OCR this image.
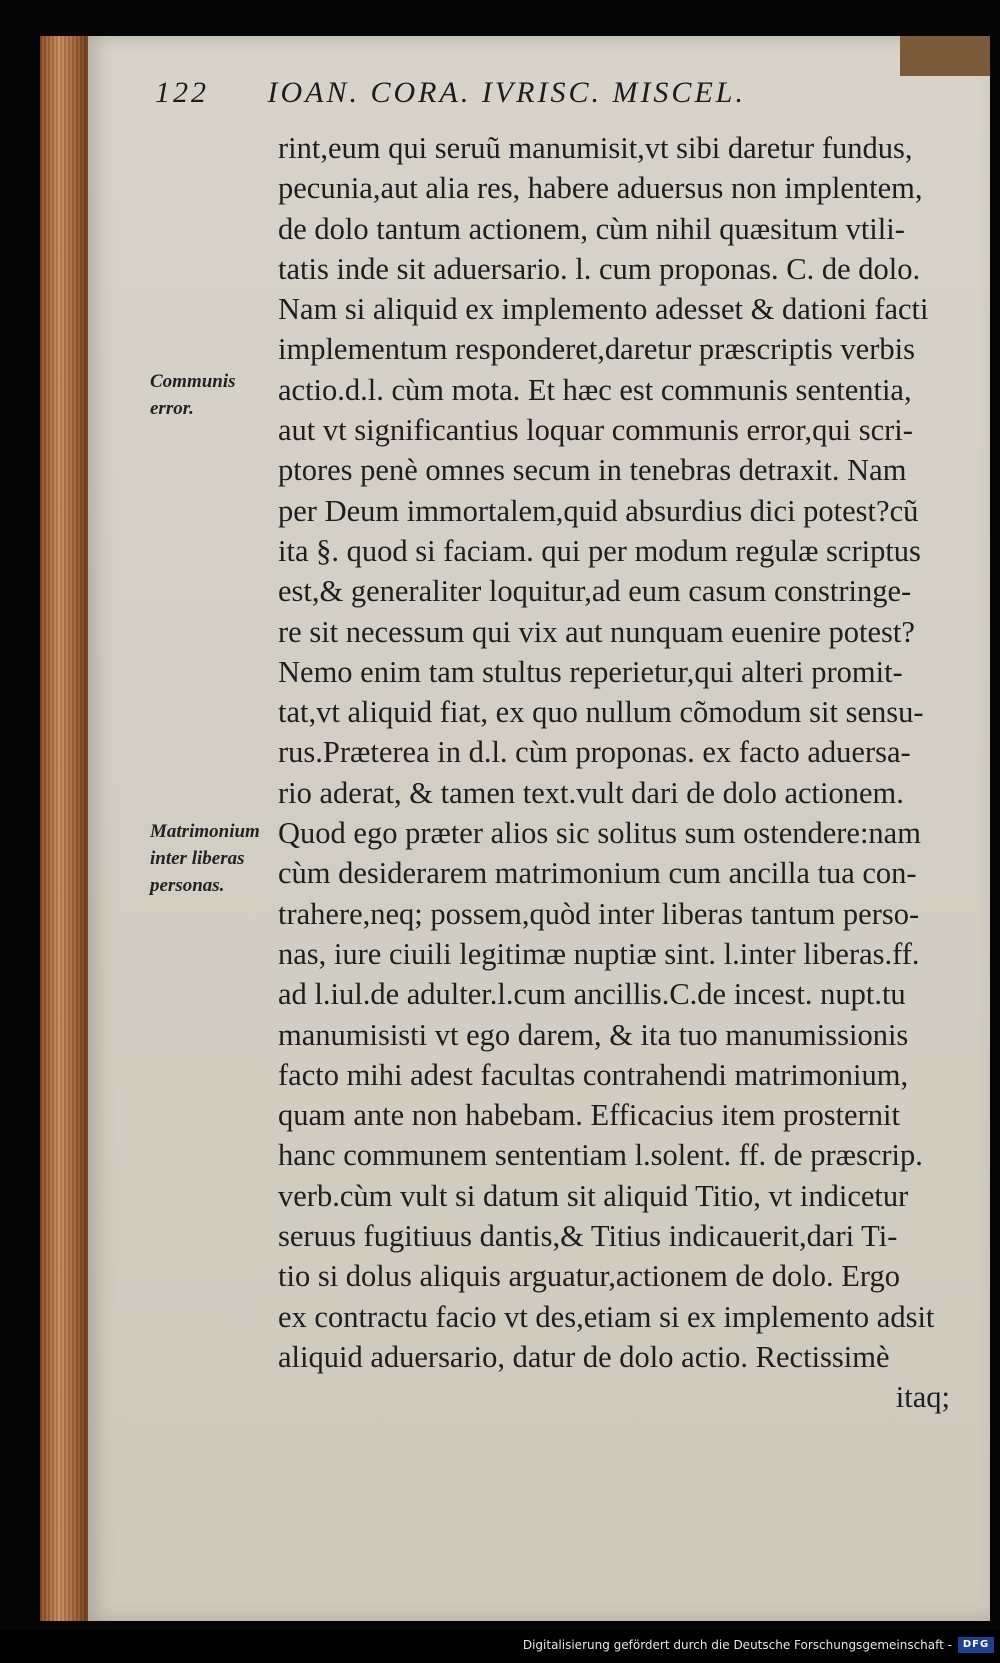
122 IOAN. CORA. IVRISC. MISCEL.
Communis error.
Matrimonium inter liberas personas.
rint,eum qui seruũ manumisit,vt sibi daretur fundus,
pecunia,aut alia res, habere aduersus non implentem,
de dolo tantum actionem, cùm nihil quæsitum vtili-
tatis inde sit aduersario. l. cum proponas. C. de dolo.
Nam si aliquid ex implemento adesset & dationi facti
implementum responderet,daretur præscriptis verbis
actio.d.l. cùm mota. Et hæc est communis sententia,
aut vt significantius loquar communis error,qui scri-
ptores penè omnes secum in tenebras detraxit. Nam
per Deum immortalem,quid absurdius dici potest?cũ
ita §. quod si faciam. qui per modum regulæ scriptus
est,& generaliter loquitur,ad eum casum constringe-
re sit necessum qui vix aut nunquam euenire potest?
Nemo enim tam stultus reperietur,qui alteri promit-
tat,vt aliquid fiat, ex quo nullum cõmodum sit sensu-
rus.Præterea in d.l. cùm proponas. ex facto aduersa-
rio aderat, & tamen text.vult dari de dolo actionem.
Quod ego præter alios sic solitus sum ostendere:nam
cùm desiderarem matrimonium cum ancilla tua con-
trahere,neq; possem,quòd inter liberas tantum perso-
nas, iure ciuili legitimæ nuptiæ sint. l.inter liberas.ff.
ad l.iul.de adulter.l.cum ancillis.C.de incest. nupt.tu
manumisisti vt ego darem, & ita tuo manumissionis
facto mihi adest facultas contrahendi matrimonium,
quam ante non habebam. Efficacius item prosternit
hanc communem sententiam l.solent. ff. de præscrip.
verb.cùm vult si datum sit aliquid Titio, vt indicetur
seruus fugitiuus dantis,& Titius indicauerit,dari Ti-
tio si dolus aliquis arguatur,actionem de dolo. Ergo
ex contractu facio vt des,etiam si ex implemento adsit
aliquid aduersario, datur de dolo actio. Rectissimè
itaq;
Digitalisierung gefördert durch die Deutsche Forschungsgemeinschaft -	DFG
